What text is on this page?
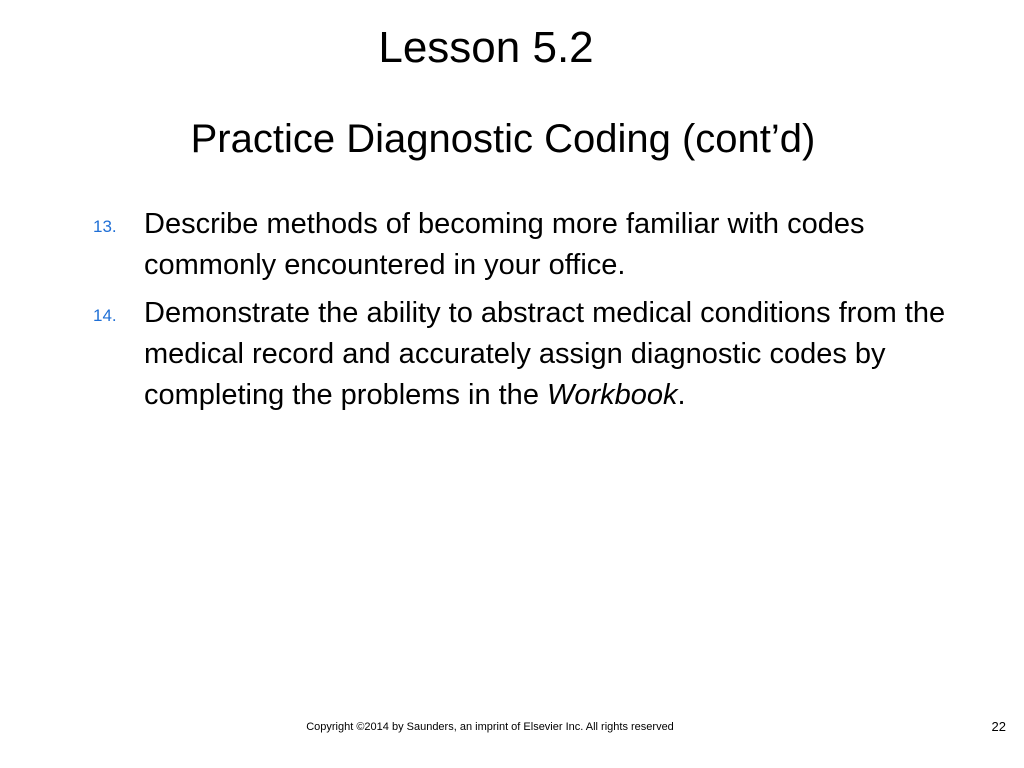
Lesson 5.2
Practice Diagnostic Coding (cont’d)
13. Describe methods of becoming more familiar with codes commonly encountered in your office.
14. Demonstrate the ability to abstract medical conditions from the medical record and accurately assign diagnostic codes by completing the problems in the Workbook.
Copyright ©2014 by Saunders, an imprint of Elsevier Inc. All rights reserved	22
